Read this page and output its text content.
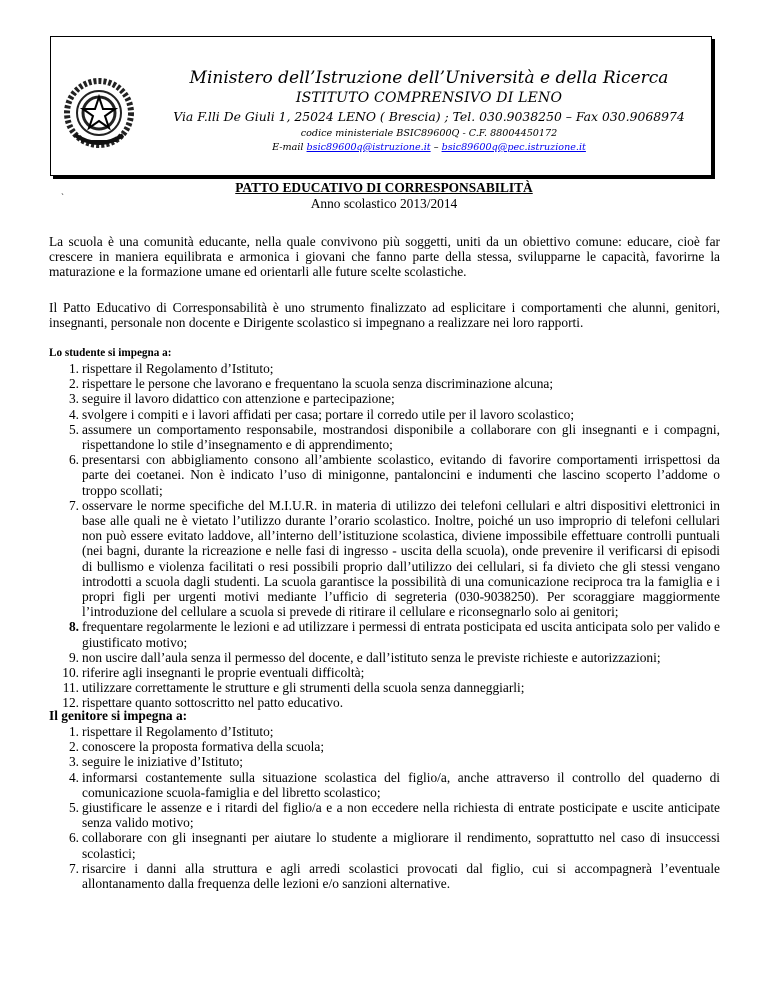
Ministero dell’Istruzione dell’Università e della Ricerca
ISTITUTO COMPRENSIVO DI LENO
Via F.lli De Giuli 1, 25024 LENO ( Brescia) ; Tel. 030.9038250 – Fax 030.9068974
codice ministeriale BSIC89600Q - C.F. 88004450172
E-mail bsic89600q@istruzione.it – bsic89600q@pec.istruzione.it
`
PATTO EDUCATIVO DI CORRESPONSABILITÀ
Anno scolastico 2013/2014

La scuola è una comunità educante, nella quale convivono più soggetti, uniti da un obiettivo comune: educare, cioè far crescere in maniera equilibrata e armonica i giovani che fanno parte della stessa, svilupparne le capacità, favorirne la maturazione e la formazione umane ed orientarli alle future scelte scolastiche.

Il Patto Educativo di Corresponsabilità è uno strumento finalizzato ad esplicitare i comportamenti che alunni, genitori, insegnanti, personale non docente e Dirigente scolastico si impegnano a realizzare nei loro rapporti.

Lo studente si impegna a:
1. rispettare il Regolamento d’Istituto;
2. rispettare le persone che lavorano e frequentano la scuola senza discriminazione alcuna;
3. seguire il lavoro didattico con attenzione e partecipazione;
4. svolgere i compiti e i lavori affidati per casa; portare il corredo utile per il lavoro scolastico;
5. assumere un comportamento responsabile, mostrandosi disponibile a collaborare con gli insegnanti e i compagni, rispettandone lo stile d’insegnamento e di apprendimento;
6. presentarsi con abbigliamento consono all’ambiente scolastico, evitando di favorire comportamenti irrispettosi da parte dei coetanei. Non è indicato l’uso di minigonne, pantaloncini e indumenti che lascino scoperto l’addome o troppo scollati;
7. osservare le norme specifiche del M.I.U.R. in materia di utilizzo dei telefoni cellulari e altri dispositivi elettronici in base alle quali ne è vietato l’utilizzo durante l’orario scolastico. Inoltre, poiché un uso improprio di telefoni cellulari non può essere evitato laddove, all’interno dell’istituzione scolastica, diviene impossibile effettuare controlli puntuali (nei bagni, durante la ricreazione e nelle fasi di ingresso - uscita della scuola), onde prevenire il verificarsi di episodi di bullismo e violenza facilitati o resi possibili proprio dall’utilizzo dei cellulari, si fa divieto che gli stessi vengano introdotti a scuola dagli studenti. La scuola garantisce la possibilità di una comunicazione reciproca tra la famiglia e i propri figli per urgenti motivi mediante l’ufficio di segreteria (030-9038250). Per scoraggiare maggiormente l’introduzione del cellulare a scuola si prevede di ritirare il cellulare e riconsegnarlo solo ai genitori;
8. frequentare regolarmente le lezioni e ad utilizzare i permessi di entrata posticipata ed uscita anticipata solo per valido e giustificato motivo;
9. non uscire dall’aula senza il permesso del docente, e dall’istituto senza le previste richieste e autorizzazioni;
10. riferire agli insegnanti le proprie eventuali difficoltà;
11. utilizzare correttamente le strutture e gli strumenti della scuola senza danneggiarli;
12. rispettare quanto sottoscritto nel patto educativo.
Il genitore si impegna a:
1. rispettare il Regolamento d’Istituto;
2. conoscere la proposta formativa della scuola;
3. seguire le iniziative d’Istituto;
4. informarsi costantemente sulla situazione scolastica del figlio/a, anche attraverso il controllo del quaderno di comunicazione scuola-famiglia e del libretto scolastico;
5. giustificare le assenze e i ritardi del figlio/a e a non eccedere nella richiesta di entrate posticipate e uscite anticipate senza valido motivo;
6. collaborare con gli insegnanti per aiutare lo studente a migliorare il rendimento, soprattutto nel caso di insuccessi scolastici;
7. risarcire i danni alla struttura e agli arredi scolastici provocati dal figlio, cui si accompagnerà l’eventuale allontanamento dalla frequenza delle lezioni e/o sanzioni alternative.
